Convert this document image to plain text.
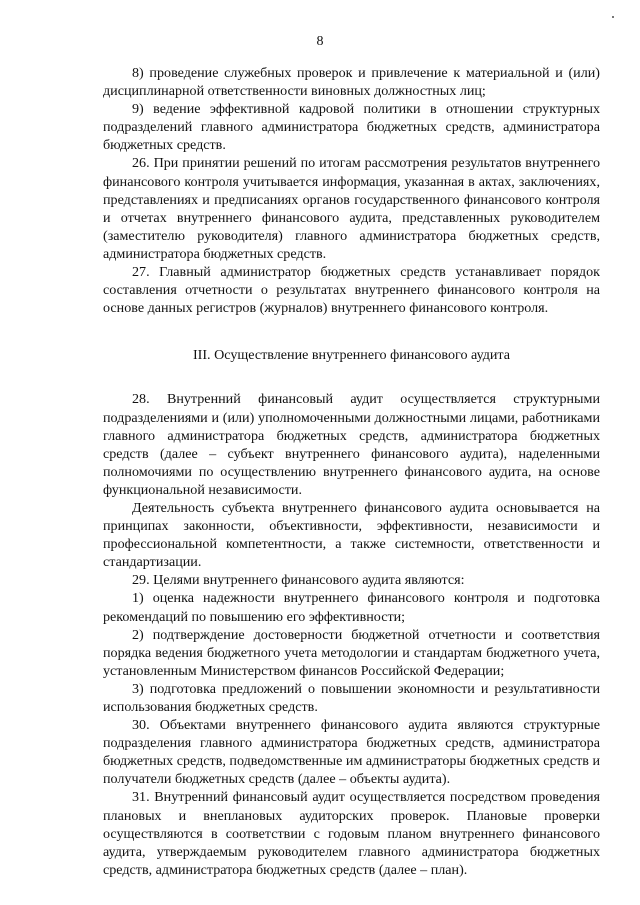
8

8) проведение служебных проверок и привлечение к материальной и (или) дисциплинарной ответственности виновных должностных лиц;

9) ведение эффективной кадровой политики в отношении структурных подразделений главного администратора бюджетных средств, администратора бюджетных средств.

26. При принятии решений по итогам рассмотрения результатов внутреннего финансового контроля учитывается информация, указанная в актах, заключениях, представлениях и предписаниях органов государственного финансового контроля и отчетах внутреннего финансового аудита, представленных руководителем (заместителю руководителя) главного администратора бюджетных средств, администратора бюджетных средств.

27. Главный администратор бюджетных средств устанавливает порядок составления отчетности о результатах внутреннего финансового контроля на основе данных регистров (журналов) внутреннего финансового контроля.

III. Осуществление внутреннего финансового аудита

28. Внутренний финансовый аудит осуществляется структурными подразделениями и (или) уполномоченными должностными лицами, работниками главного администратора бюджетных средств, администратора бюджетных средств (далее – субъект внутреннего финансового аудита), наделенными полномочиями по осуществлению внутреннего финансового аудита, на основе функциональной независимости.

Деятельность субъекта внутреннего финансового аудита основывается на принципах законности, объективности, эффективности, независимости и профессиональной компетентности, а также системности, ответственности и стандартизации.

29. Целями внутреннего финансового аудита являются:

1) оценка надежности внутреннего финансового контроля и подготовка рекомендаций по повышению его эффективности;

2) подтверждение достоверности бюджетной отчетности и соответствия порядка ведения бюджетного учета методологии и стандартам бюджетного учета, установленным Министерством финансов Российской Федерации;

3) подготовка предложений о повышении экономности и результативности использования бюджетных средств.

30. Объектами внутреннего финансового аудита являются структурные подразделения главного администратора бюджетных средств, администратора бюджетных средств, подведомственные им администраторы бюджетных средств и получатели бюджетных средств (далее – объекты аудита).

31. Внутренний финансовый аудит осуществляется посредством проведения плановых и внеплановых аудиторских проверок. Плановые проверки осуществляются в соответствии с годовым планом внутреннего финансового аудита, утверждаемым руководителем главного администратора бюджетных средств, администратора бюджетных средств (далее – план).
